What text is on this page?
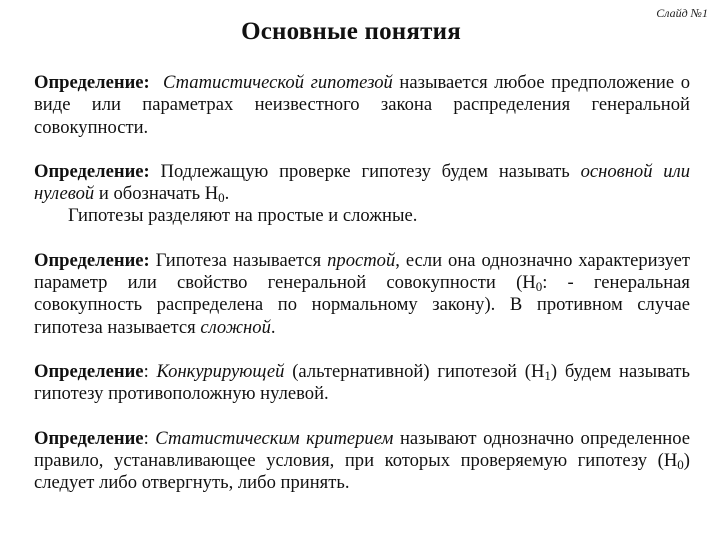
Слайд №1
Основные понятия

Определение: Статистической гипотезой называется любое предположение о виде или параметрах неизвестного закона распределения генеральной совокупности.

Определение: Подлежащую проверке гипотезу будем называть основной или нулевой и обозначать $H_0$.

Гипотезы разделяют на простые и сложные.

Определение: Гипотеза называется простой, если она однозначно характеризует параметр или свойство генеральной совокупности ($H_0$: - генеральная совокупность распределена по нормальному закону). В противном случае гипотеза называется сложной.

Определение: Конкурирующей (альтернативной) гипотезой $(H_1)$ будем называть гипотезу противоположную нулевой.

Определение: Статистическим критерием называют однозначно определенное правило, устанавливающее условия, при которых проверяемую гипотезу $(H_0)$ следует либо отвергнуть, либо принять.
